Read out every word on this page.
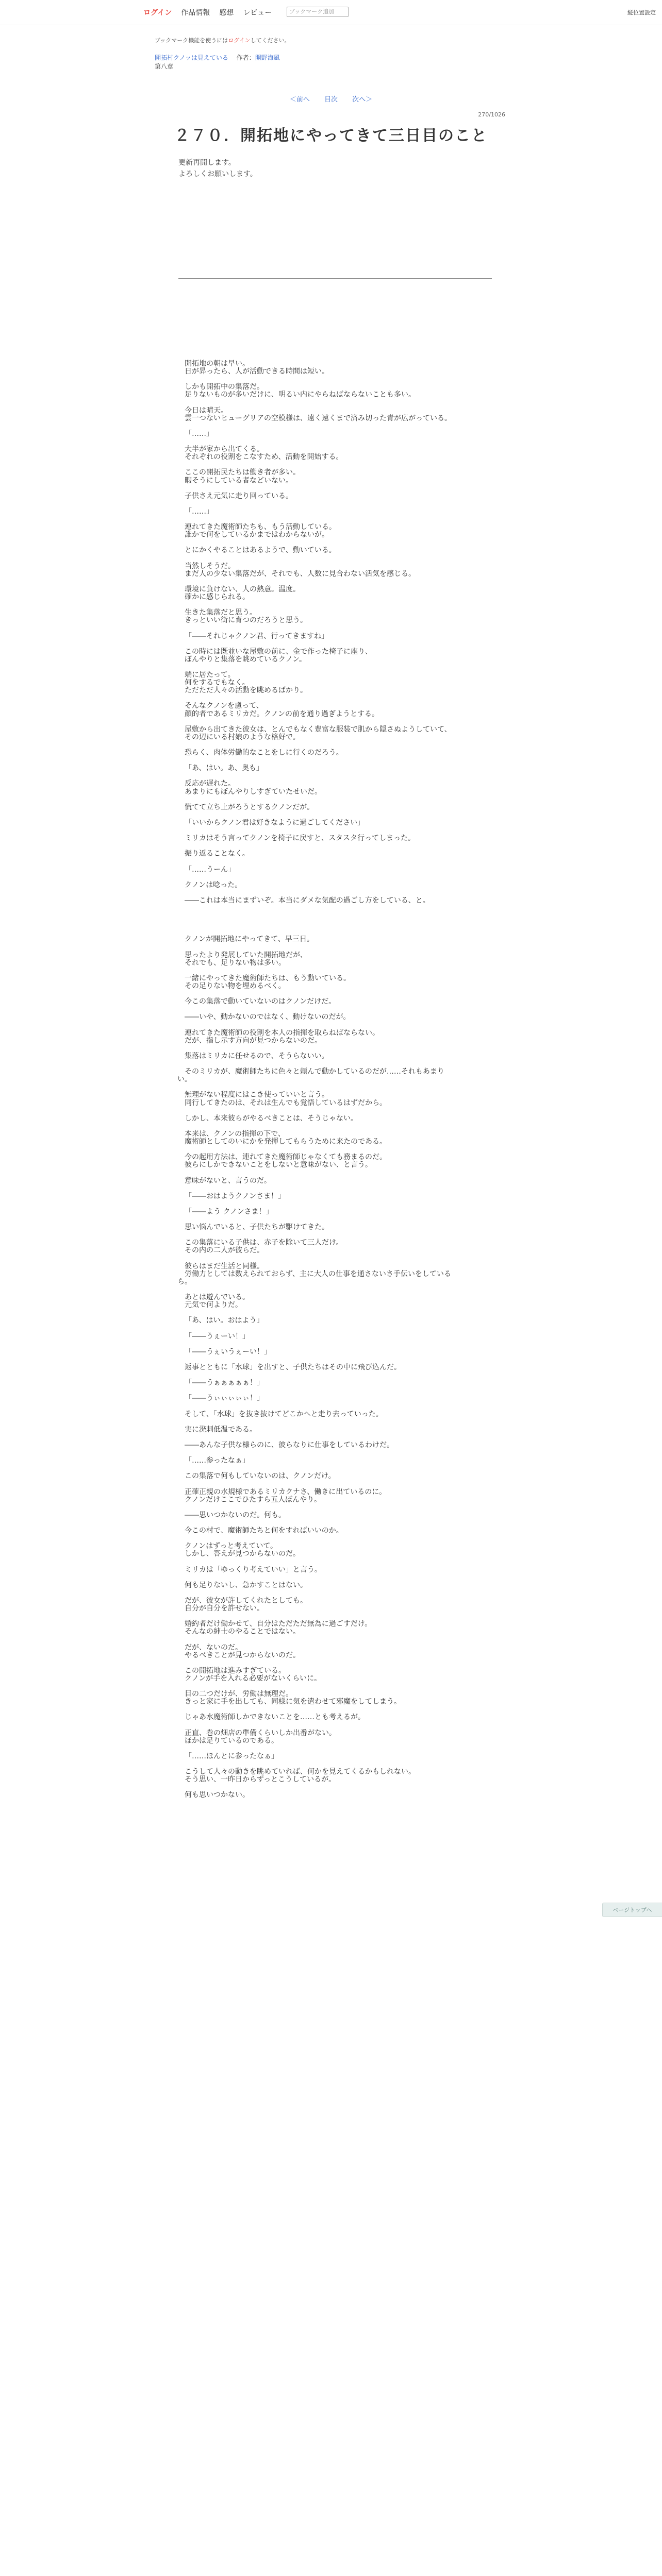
ログイン 作品情報 感想 レビュー	ブックマーク追加	縦位置設定
ブックマーク機能を使うにはログインしてください。
開拓村クノッは見えている 作者：開野海風
第八章
＜前へ 目次 次へ＞
270/1026
２７０．開拓地にやってきて三日目のこと
更新再開します。
よろしくお願いします。
開拓地の朝は早い。
日が昇ったら、人が活動できる時間は短い。
しかも開拓中の集落だ。
足りないものが多いだけに、明るい内にやらねばならないことも多い。
今日は晴天。
雲一つないヒューグリアの空模様は、遠く遠くまで済み切った青が広がっている。
「……」
大半が家から出てくる。
それぞれの役割をこなすため、活動を開始する。
ここの開拓民たちは働き者が多い。
暇そうにしている者などいない。
子供さえ元気に走り回っている。
「……」
連れてきた魔術師たちも、もう活動している。
誰かで何をしているかまではわからないが。
とにかくやることはあるようで、動いている。
当然しそうだ。
まだ人の少ない集落だが、それでも、人数に見合わない活気を感じる。
環境に負けない、人の熱意。温度。
確かに感じられる。
生きた集落だと思う。
きっといい街に育つのだろうと思う。
「――それじゃクノン君、行ってきますね」
この時には既並いな屋敷の前に、金で作った椅子に座り、
ぼんやりと集落を眺めているクノン。
端に居たって。
何をするでもなく。
ただただ人々の活動を眺めるばかり。
そんなクノンを慮って、
顔的者であるミリカだ。クノンの前を通り過ぎようとする。
屋敷から出てきた彼女は、とんでもなく豊富な服装で肌から隠さぬようしていて、
その辺にいる村娘のような格好で。
恐らく、肉体労働的なことをしに行くのだろう。
「あ、はい。あ、奥も」
反応が遅れた。
あまりにもぼんやりしすぎていたせいだ。
慌てて立ち上がろうとするクノンだが。
「いいからクノン君は好きなように過ごしてください」
ミリカはそう言ってクノンを椅子に戻すと、スタスタ行ってしまった。
振り返ることなく。
「……うーん」
クノンは唸った。
――これは本当にまずいぞ。本当にダメな気配の過ごし方をしている、と。
クノンが開拓地にやってきて、早三日。
思ったより発展していた開拓地だが、
それでも、足りない物は多い。
一緒にやってきた魔術師たちは、もう動いている。
その足りない物を埋めるべく。
今この集落で動いていないのはクノンだけだ。
――いや、動かないのではなく、動けないのだが。
連れてきた魔術師の役割を本人の指揮を取らねばならない。
だが、指し示す方向が見つからないのだ。
集落はミリカに任せるので、そうらないい。
そのミリカが、魔術師たちに色々と頼んで動かしているのだが……それもあまり
い。
無理がない程度にはこき使っていいと言う。
同行してきたのは、それは生んでも覚悟しているはずだから。
しかし、本来彼らがやるべきことは、そうじゃない。
本来は、クノンの指揮の下で、
魔術師としてのいにかを発揮してもらうために来たのである。
今の起用方法は、連れてきた魔術師じゃなくても務まるのだ。
彼らにしかできないことをしないと意味がない、と言う。
意味がないと、言うのだ。
「――おはようクノンさま！」
「――よう クノンさま！」
思い悩んでいると、子供たちが駆けてきた。
この集落にいる子供は、赤子を除いて三人だけ。
その内の二人が彼らだ。
彼らはまだ生活と同様。
労働力としては数えられておらず、主に大人の仕事を通さないさ手伝いをしている
ら。
あとは遊んでいる。
元気で何よりだ。
「あ、はい。おはよう」
「――うぇーい！」
「――うぇいうぇーい！」
返事とともに「水球」を出すと、子供たちはその中に飛び込んだ。
「――うぁぁぁぁぁ！」
「――うぃぃぃぃぃ！」
そして、「水球」を抜き抜けてどこかへと走り去っていった。
実に溌剌低温である。
――あんな子供な様らのに、彼らなりに仕事をしているわけだ。
「……参ったなぁ」
この集落で何もしていないのは、クノンだけ。
正確正親の水規様であるミリカクナさ、働きに出ているのに。
クノンだけここでひたすら五人ぼんやり。
――思いつかないのだ。何も。
今この村で、魔術師たちと何をすればいいのか。
クノンはずっと考えていて。
しかし、答えが見つからないのだ。
ミリカは「ゆっくり考えていい」と言う。
何も足りないし、急かすことはない。
だが、彼女が許してくれたとしても。
自分が自分を許せない。
婚約者だけ働かせて、自分はただただ無為に過ごすだけ。
そんなの紳士のやることではない。
だが、ないのだ。
やるべきことが見つからないのだ。
この開拓地は進みすぎている。
クノンが手を入れる必要がないくらいに。
目の二つだけが、労働は無理だ。
きっと家に手を出しても、同様に気を遣わせて邪魔をしてしまう。
じゃあ水魔術師しかできないことを……とも考えるが。
正直、巻の畑店の準備くらいしか出番がない。
ほかは足りているのである。
「……ほんとに参ったなぁ」
こうして人々の動きを眺めていれば、何かを見えてくるかもしれない。
そう思い、一昨日からずっとこうしているが。
何も思いつかない。
ページトップへ
